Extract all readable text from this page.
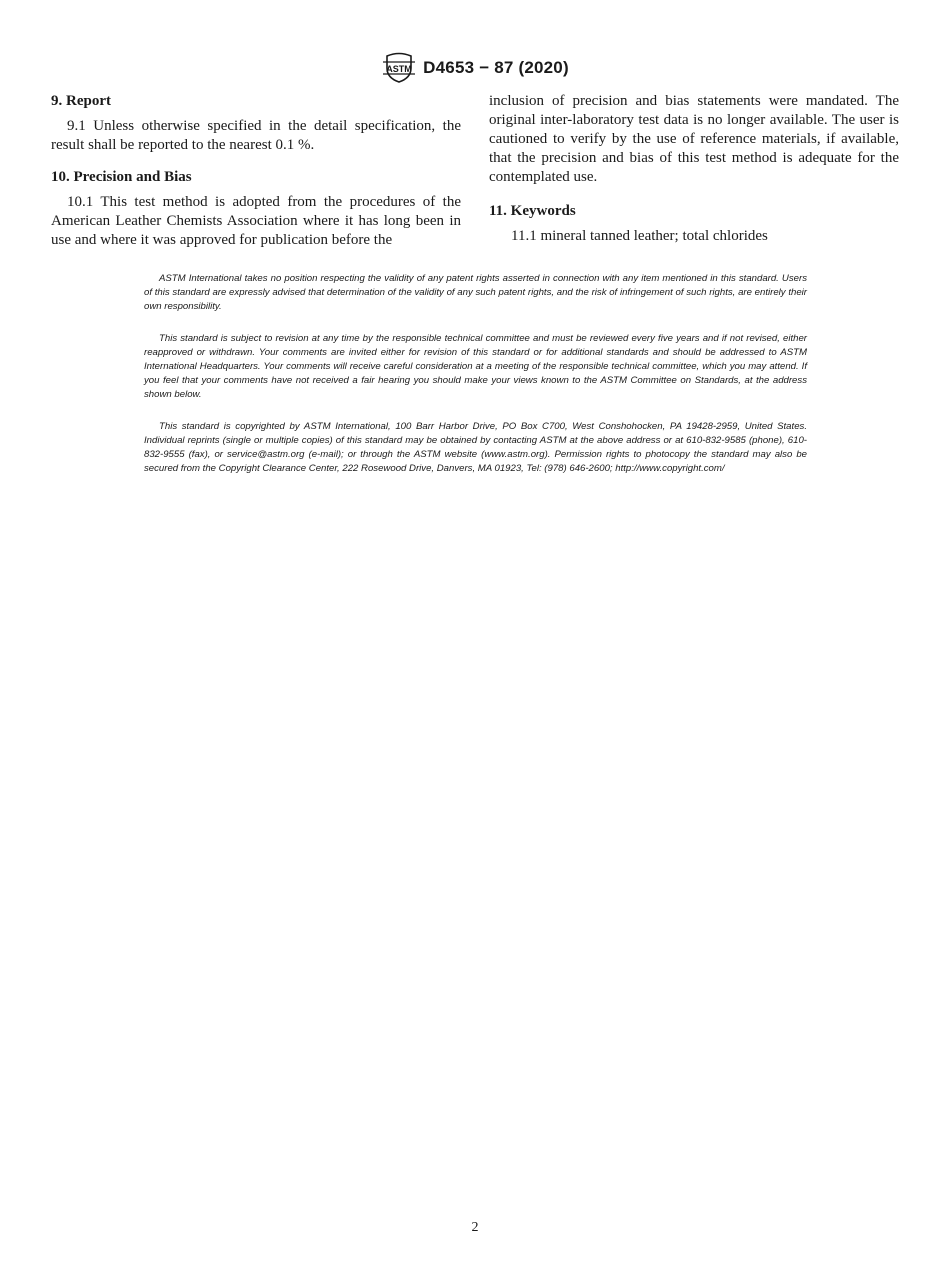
ASTM D4653 − 87 (2020)

9. Report

9.1 Unless otherwise specified in the detail specification, the result shall be reported to the nearest 0.1 %.

10. Precision and Bias

10.1 This test method is adopted from the procedures of the American Leather Chemists Association where it has long been in use and where it was approved for publication before the

inclusion of precision and bias statements were mandated. The original inter-laboratory test data is no longer available. The user is cautioned to verify by the use of reference materials, if available, that the precision and bias of this test method is adequate for the contemplated use.

11. Keywords

11.1 mineral tanned leather; total chlorides

ASTM International takes no position respecting the validity of any patent rights asserted in connection with any item mentioned in this standard. Users of this standard are expressly advised that determination of the validity of any such patent rights, and the risk of infringement of such rights, are entirely their own responsibility.

This standard is subject to revision at any time by the responsible technical committee and must be reviewed every five years and if not revised, either reapproved or withdrawn. Your comments are invited either for revision of this standard or for additional standards and should be addressed to ASTM International Headquarters. Your comments will receive careful consideration at a meeting of the responsible technical committee, which you may attend. If you feel that your comments have not received a fair hearing you should make your views known to the ASTM Committee on Standards, at the address shown below.

This standard is copyrighted by ASTM International, 100 Barr Harbor Drive, PO Box C700, West Conshohocken, PA 19428-2959, United States. Individual reprints (single or multiple copies) of this standard may be obtained by contacting ASTM at the above address or at 610-832-9585 (phone), 610-832-9555 (fax), or service@astm.org (e-mail); or through the ASTM website (www.astm.org). Permission rights to photocopy the standard may also be secured from the Copyright Clearance Center, 222 Rosewood Drive, Danvers, MA 01923, Tel: (978) 646-2600; http://www.copyright.com/

2
